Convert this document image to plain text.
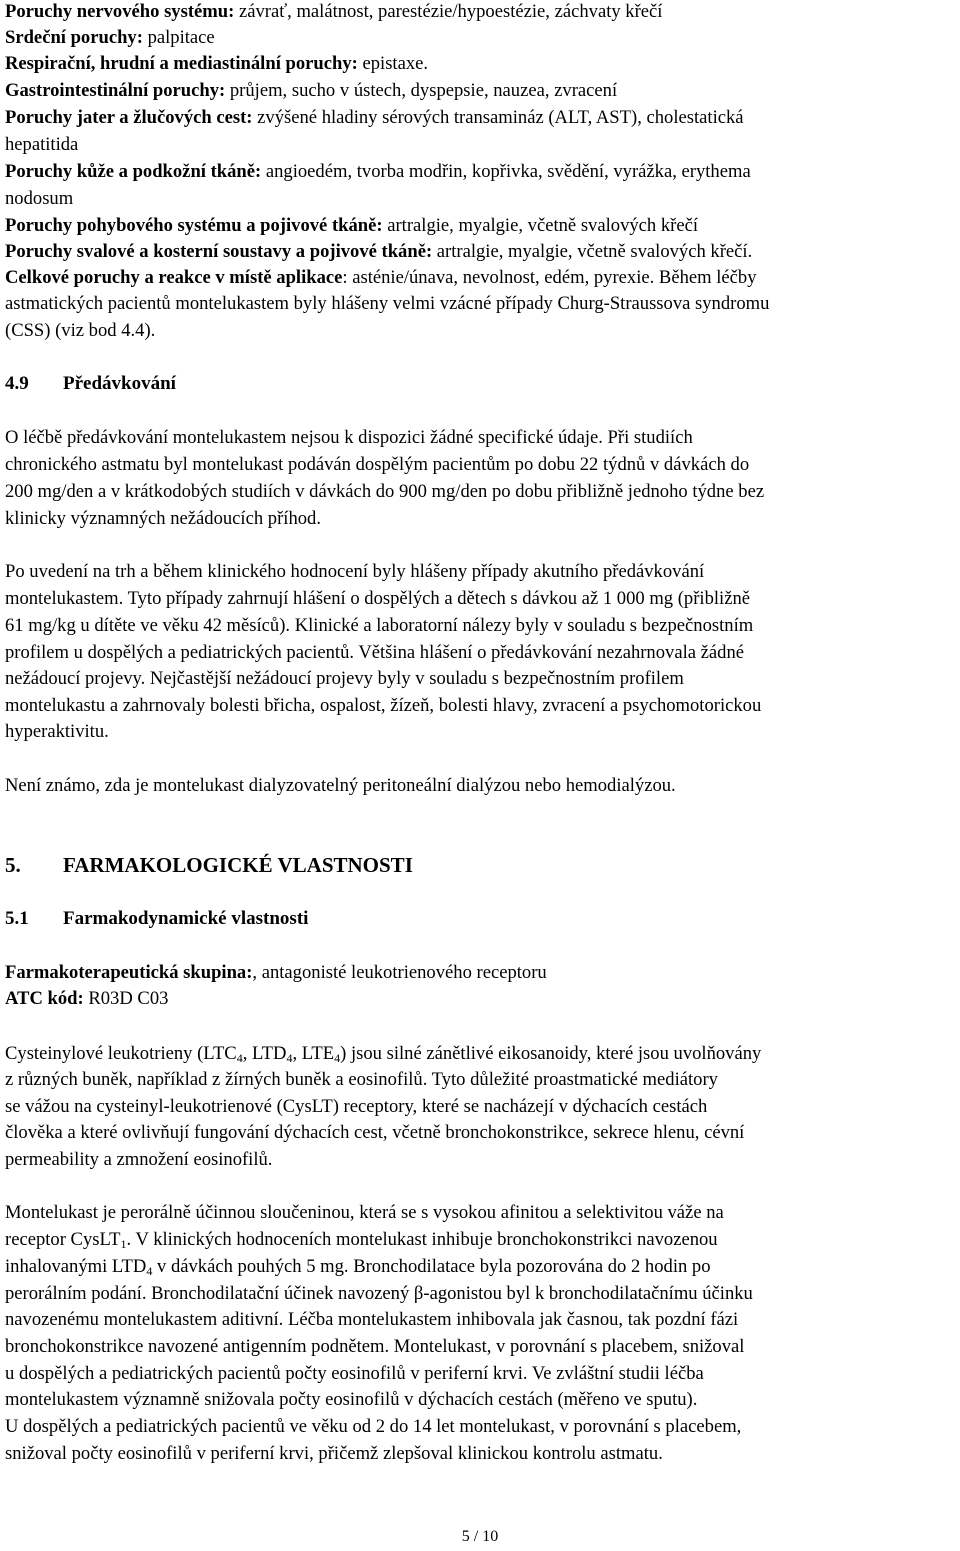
Poruchy nervového systému: závrať, malátnost, parestézie/hypoestézie, záchvaty křečí
Srdeční poruchy: palpitace
Respirační, hrudní a mediastinální poruchy: epistaxe.
Gastrointestinální poruchy: průjem, sucho v ústech, dyspepsie, nauzea, zvracení
Poruchy jater a žlučových cest: zvýšené hladiny sérových transamináz (ALT, AST), cholestatická
hepatitida
Poruchy kůže a podkožní tkáně: angioedém, tvorba modřin, kopřivka, svědění, vyrážka, erythema
nodosum
Poruchy pohybového systému a pojivové tkáně: artralgie, myalgie, včetně svalových křečí
Poruchy svalové a kosterní soustavy a pojivové tkáně: artralgie, myalgie, včetně svalových křečí.
Celkové poruchy a reakce v místě aplikace: asténie/únava, nevolnost, edém, pyrexie. Během léčby
astmatických pacientů montelukastem byly hlášeny velmi vzácné případy Churg-Straussova syndromu
(CSS) (viz bod 4.4).
4.9 Předávkování
O léčbě předávkování montelukastem nejsou k dispozici žádné specifické údaje. Při studiích
chronického astmatu byl montelukast podáván dospělým pacientům po dobu 22 týdnů v dávkách do
200 mg/den a v krátkodobých studiích v dávkách do 900 mg/den po dobu přibližně jednoho týdne bez
klinicky významných nežádoucích příhod.
Po uvedení na trh a během klinického hodnocení byly hlášeny případy akutního předávkování
montelukastem. Tyto případy zahrnují hlášení o dospělých a dětech s dávkou až 1 000 mg (přibližně
61 mg/kg u dítěte ve věku 42 měsíců). Klinické a laboratorní nálezy byly v souladu s bezpečnostním
profilem u dospělých a pediatrických pacientů. Většina hlášení o předávkování nezahrnovala žádné
nežádoucí projevy. Nejčastější nežádoucí projevy byly v souladu s bezpečnostním profilem
montelukastu a zahrnovaly bolesti břicha, ospalost, žízeň, bolesti hlavy, zvracení a psychomotorickou
hyperaktivitu.
Není známo, zda je montelukast dialyzovatelný peritoneální dialýzou nebo hemodialýzou.
5. FARMAKOLOGICKÉ VLASTNOSTI
5.1 Farmakodynamické vlastnosti
Farmakoterapeutická skupina:, antagonisté leukotrienového receptoru
ATC kód: R03D C03
Cysteinylové leukotrieny ($LTC_4$, $LTD_4$, $LTE_4$) jsou silné zánětlivé eikosanoidy, které jsou uvolňovány
z různých buněk, například z žírných buněk a eosinofilů. Tyto důležité proastmatické mediátory
se vážou na cysteinyl-leukotrienové (CysLT) receptory, které se nacházejí v dýchacích cestách
člověka a které ovlivňují fungování dýchacích cest, včetně bronchokonstrikce, sekrece hlenu, cévní
permeability a zmnožení eosinofilů.
Montelukast je perorálně účinnou sloučeninou, která se s vysokou afinitou a selektivitou váže na
receptor CysLT$_1$. V klinických hodnoceních montelukast inhibuje bronchokonstrikci navozenou
inhalovanými $LTD_4$ v dávkách pouhých 5 mg. Bronchodilatace byla pozorována do 2 hodin po
perorálním podání. Bronchodilatační účinek navozený β-agonistou byl k bronchodilatačnímu účinku
navozenému montelukastem aditivní. Léčba montelukastem inhibovala jak časnou, tak pozdní fázi
bronchokonstrikce navozené antigenním podnětem. Montelukast, v porovnání s placebem, snižoval
u dospělých a pediatrických pacientů počty eosinofilů v periferní krvi. Ve zvláštní studii léčba
montelukastem významně snižovala počty eosinofilů v dýchacích cestách (měřeno ve sputu).
U dospělých a pediatrických pacientů ve věku od 2 do 14 let montelukast, v porovnání s placebem,
snižoval počty eosinofilů v periferní krvi, přičemž zlepšoval klinickou kontrolu astmatu.
5 / 10
